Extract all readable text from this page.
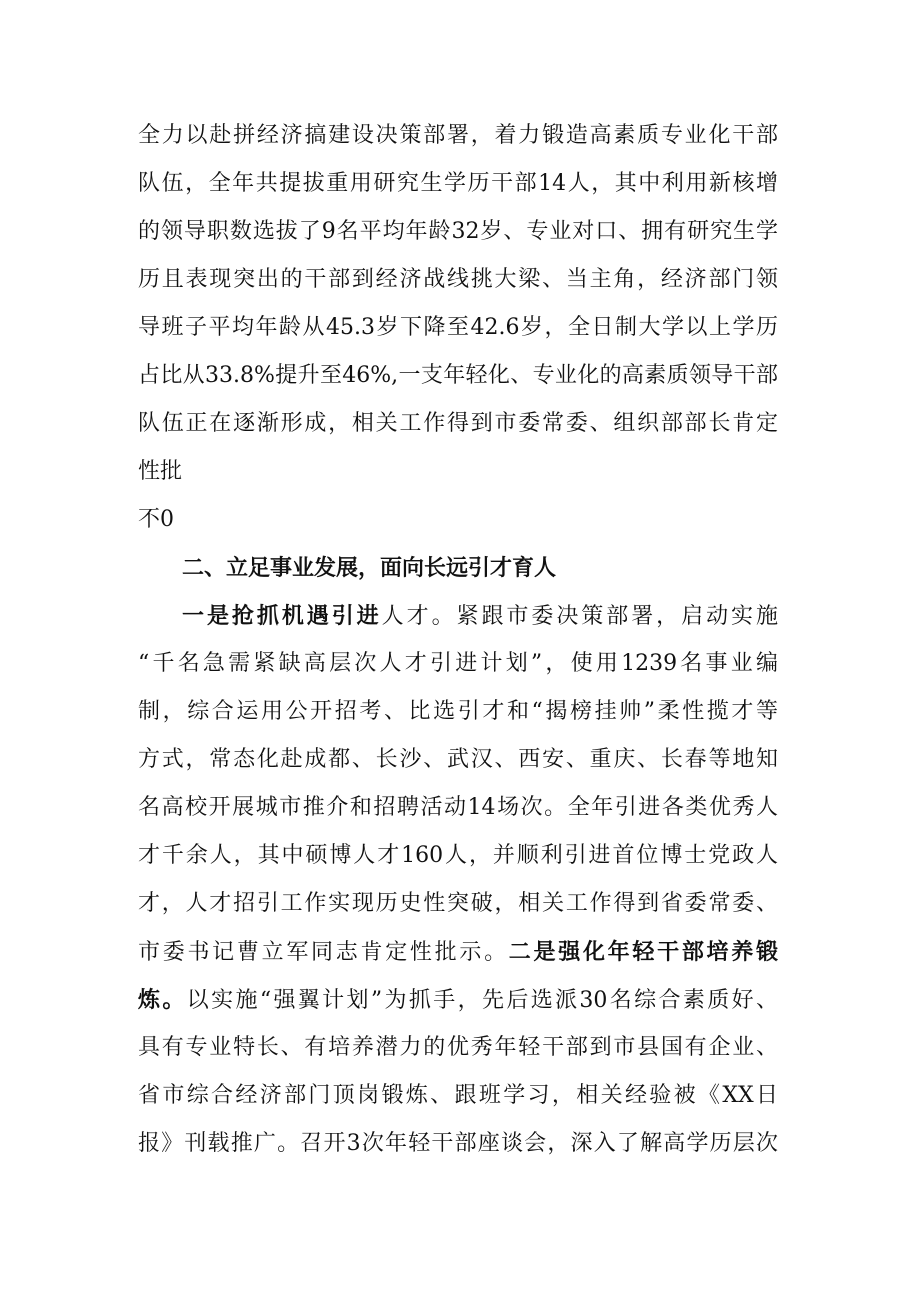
全力以赴拼经济搞建设决策部署，着力锻造高素质专业化干部
队伍，全年共提拔重用研究生学历干部14人，其中利用新核增
的领导职数选拔了9名平均年龄32岁、专业对口、拥有研究生学
历且表现突出的干部到经济战线挑大梁、当主角，经济部门领
导班子平均年龄从45.3岁下降至42.6岁，全日制大学以上学历
占比从33.8%提升至46%,一支年轻化、专业化的高素质领导干部
队伍正在逐渐形成，相关工作得到市委常委、组织部部长肯定
性批
不0
二、立足事业发展，面向长远引才育人
一是抢抓机遇引进人才。紧跟市委决策部署，启动实施
“千名急需紧缺高层次人才引进计划”，使用1239名事业编
制，综合运用公开招考、比选引才和“揭榜挂帅”柔性揽才等
方式，常态化赴成都、长沙、武汉、西安、重庆、长春等地知
名高校开展城市推介和招聘活动14场次。全年引进各类优秀人
才千余人，其中硕博人才160人，并顺利引进首位博士党政人
才，人才招引工作实现历史性突破，相关工作得到省委常委、
市委书记曹立军同志肯定性批示。二是强化年轻干部培养锻
炼。以实施“强翼计划”为抓手，先后选派30名综合素质好、
具有专业特长、有培养潜力的优秀年轻干部到市县国有企业、
省市综合经济部门顶岗锻炼、跟班学习，相关经验被《XX日
报》刊载推广。召开3次年轻干部座谈会，深入了解高学历层次
